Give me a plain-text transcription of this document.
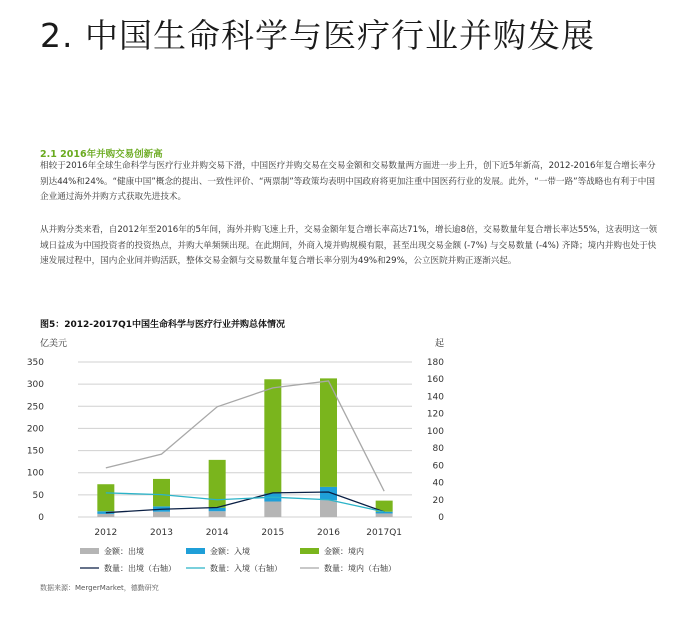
2. 中国生命科学与医疗行业并购发展
2.1 2016年并购交易创新高
相较于2016年全球生命科学与医疗行业并购交易下滑，中国医疗并购交易在交易金额和交易数量两方面进一步上升，创下近5年新高，2012-2016年复合增长率分别达44%和24%。“健康中国”概念的提出、一致性评价、“两票制”等政策均表明中国政府将更加注重中国医药行业的发展。此外，“一带一路”等战略也有利于中国企业通过海外并购方式获取先进技术。
从并购分类来看，自2012年至2016年的5年间，海外并购飞速上升，交易金额年复合增长率高达71%，增长逾8倍，交易数量年复合增长率达55%，这表明这一领域日益成为中国投资者的投资热点，并购大单频频出现。在此期间，外商入境并购规模有限，甚至出现交易金额 (-7%) 与交易数量 (-4%) 齐降；境内并购也处于快速发展过程中，国内企业间并购活跃，整体交易金额与交易数量年复合增长率分别为49%和29%，公立医院并购正逐渐兴起。
图5：2012-2017Q1中国生命科学与医疗行业并购总体情况
0
50
100
150
200
250
300
350
0
20
40
60
80
100
120
140
160
180
亿美元	起
2012	2013	2014	2015	2016	2017Q1
金额：出境	金额：入境	金额：境内
数量：出境（右轴）	数量：入境（右轴）	数量：境内（右轴）
数据来源：MergerMarket，德勤研究
